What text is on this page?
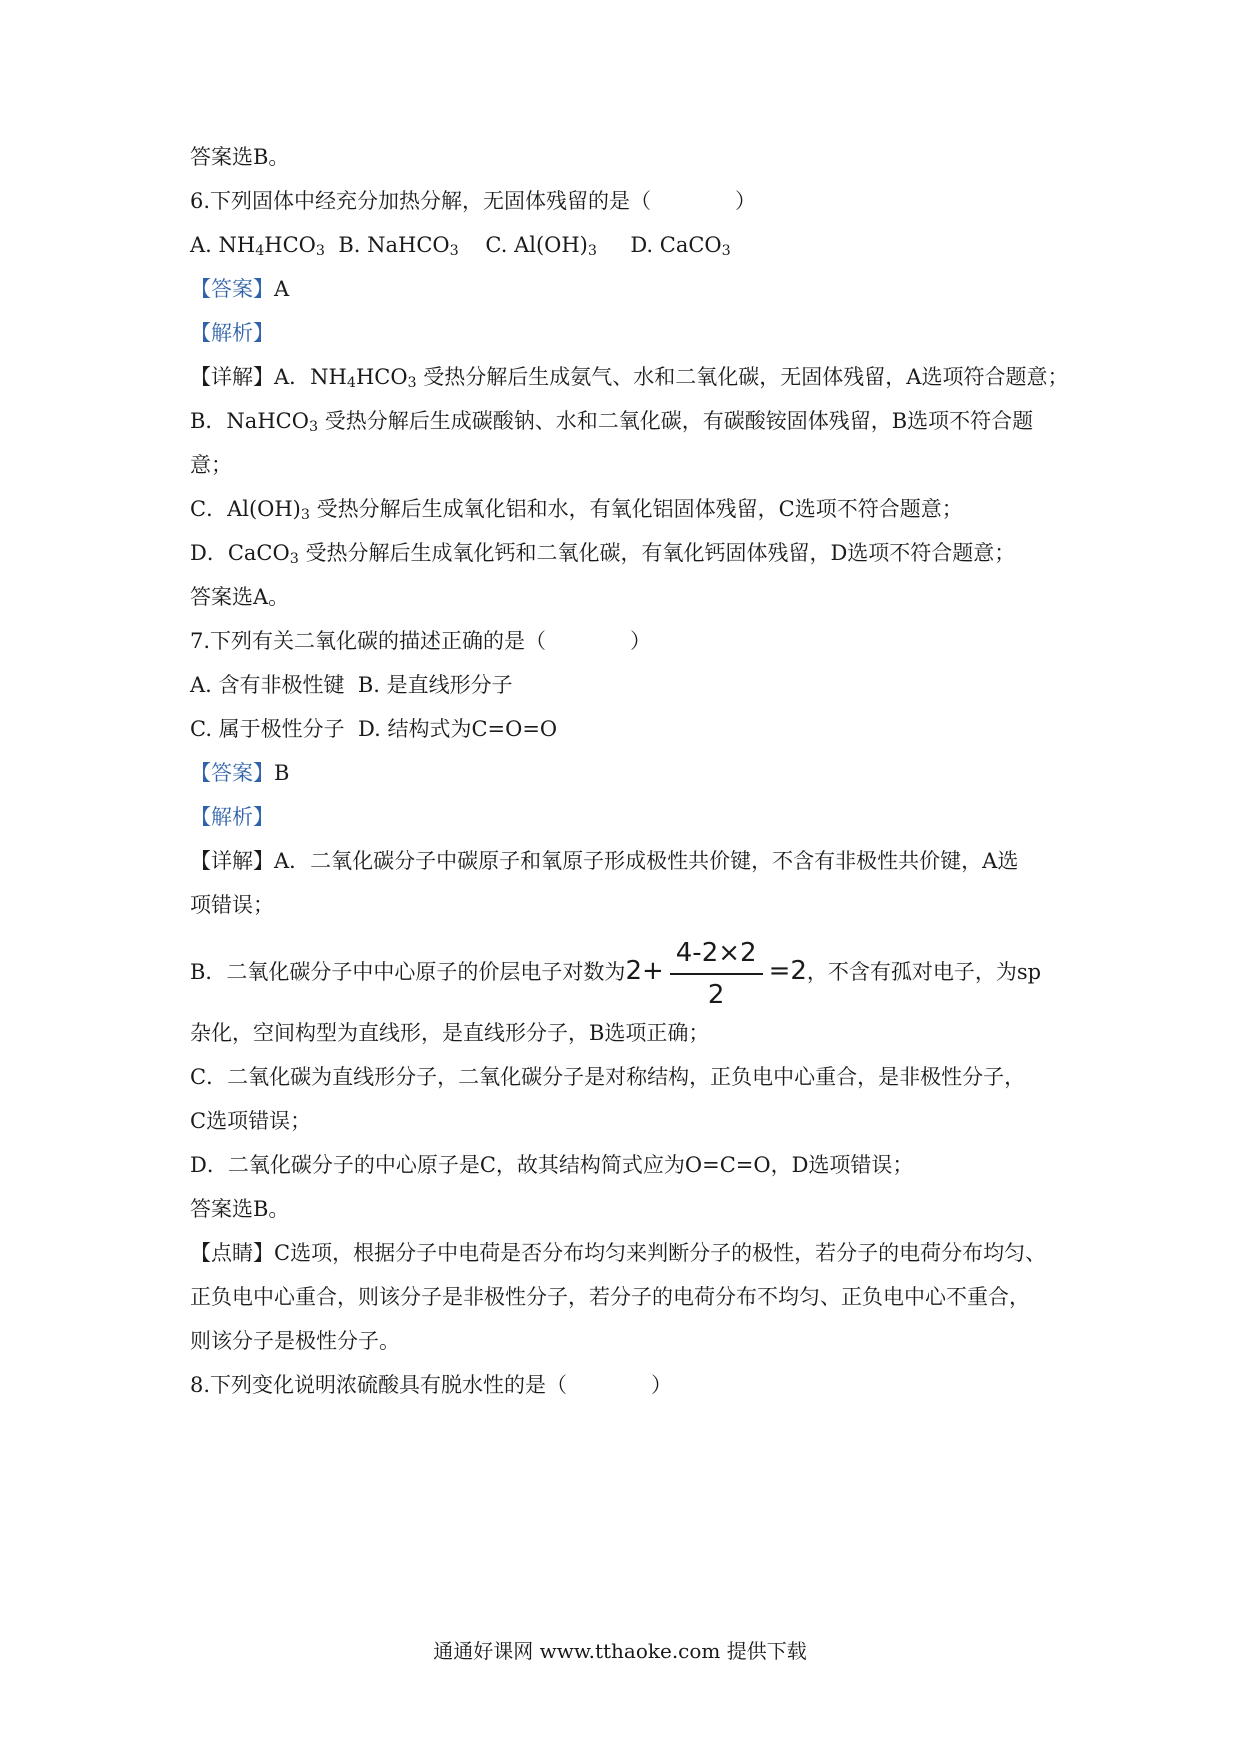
答案选B。
6.下列固体中经充分加热分解，无固体残留的是（　　　　）
A. $NH_4HCO_3$  B. NaHCO$_3$    C. $Al(OH)_3$     D. CaCO$_3$
【答案】A
【解析】
【详解】A．$NH_4HCO_3$ 受热分解后生成氨气、水和二氧化碳，无固体残留，A选项符合题意；
B．NaHCO$_3$ 受热分解后生成碳酸钠、水和二氧化碳，有碳酸铵固体残留，B选项不符合题
意；
C．$Al(OH)_3$ 受热分解后生成氧化铝和水，有氧化铝固体残留，C选项不符合题意；
D．CaCO$_3$ 受热分解后生成氧化钙和二氧化碳，有氧化钙固体残留，D选项不符合题意；
答案选A。
7.下列有关二氧化碳的描述正确的是（　　　　）
A. 含有非极性键  B. 是直线形分子
C. 属于极性分子  D. 结构式为C=O=O
【答案】B
【解析】
【详解】A．二氧化碳分子中碳原子和氧原子形成极性共价键，不含有非极性共价键，A选
项错误；
B．二氧化碳分子中中心原子的价层电子对数为$2+ \frac{4-2\times 2}{2} =2$，不含有孤对电子，为sp
杂化，空间构型为直线形，是直线形分子，B选项正确；
C．二氧化碳为直线形分子，二氧化碳分子是对称结构，正负电中心重合，是非极性分子，
C选项错误；
D．二氧化碳分子的中心原子是C，故其结构简式应为O=C=O，D选项错误；
答案选B。
【点睛】C选项，根据分子中电荷是否分布均匀来判断分子的极性，若分子的电荷分布均匀、
正负电中心重合，则该分子是非极性分子，若分子的电荷分布不均匀、正负电中心不重合，
则该分子是极性分子。
8.下列变化说明浓硫酸具有脱水性的是（　　　　）
通通好课网 www.tthaoke.com 提供下载
